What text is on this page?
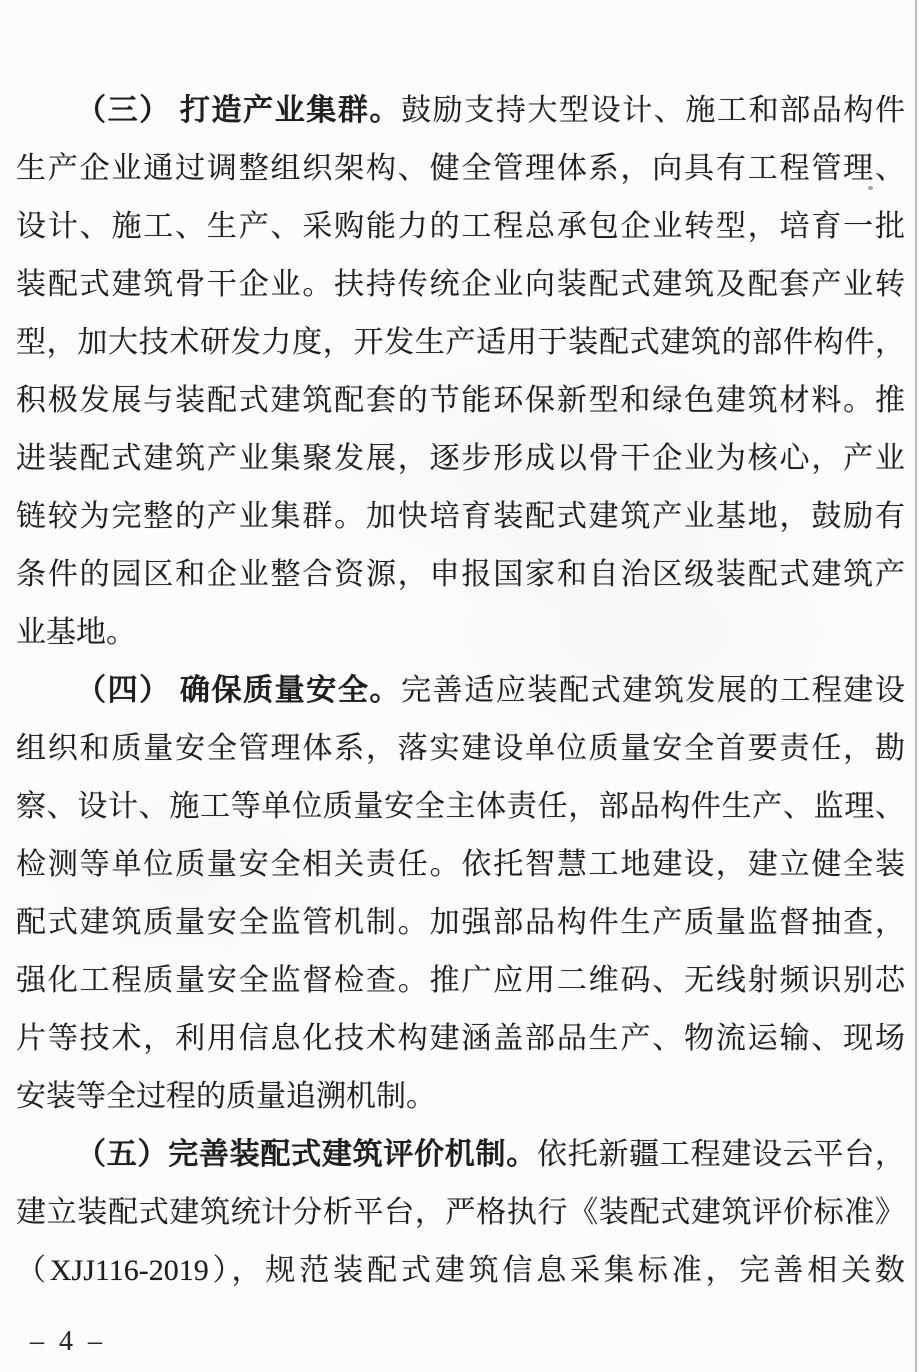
（三） 打造产业集群。鼓励支持大型设计、施工和部品构件
生产企业通过调整组织架构、健全管理体系，向具有工程管理、
设计、施工、生产、采购能力的工程总承包企业转型，培育一批
装配式建筑骨干企业。扶持传统企业向装配式建筑及配套产业转
型，加大技术研发力度，开发生产适用于装配式建筑的部件构件，
积极发展与装配式建筑配套的节能环保新型和绿色建筑材料。推
进装配式建筑产业集聚发展，逐步形成以骨干企业为核心，产业
链较为完整的产业集群。加快培育装配式建筑产业基地，鼓励有
条件的园区和企业整合资源，申报国家和自治区级装配式建筑产
业基地。
（四） 确保质量安全。完善适应装配式建筑发展的工程建设
组织和质量安全管理体系，落实建设单位质量安全首要责任，勘
察、设计、施工等单位质量安全主体责任，部品构件生产、监理、
检测等单位质量安全相关责任。依托智慧工地建设，建立健全装
配式建筑质量安全监管机制。加强部品构件生产质量监督抽查，
强化工程质量安全监督检查。推广应用二维码、无线射频识别芯
片等技术，利用信息化技术构建涵盖部品生产、物流运输、现场
安装等全过程的质量追溯机制。
（五）完善装配式建筑评价机制。依托新疆工程建设云平台，
建立装配式建筑统计分析平台，严格执行《装配式建筑评价标准》
（XJJ116-2019），规范装配式建筑信息采集标准，完善相关数
– 4 –
